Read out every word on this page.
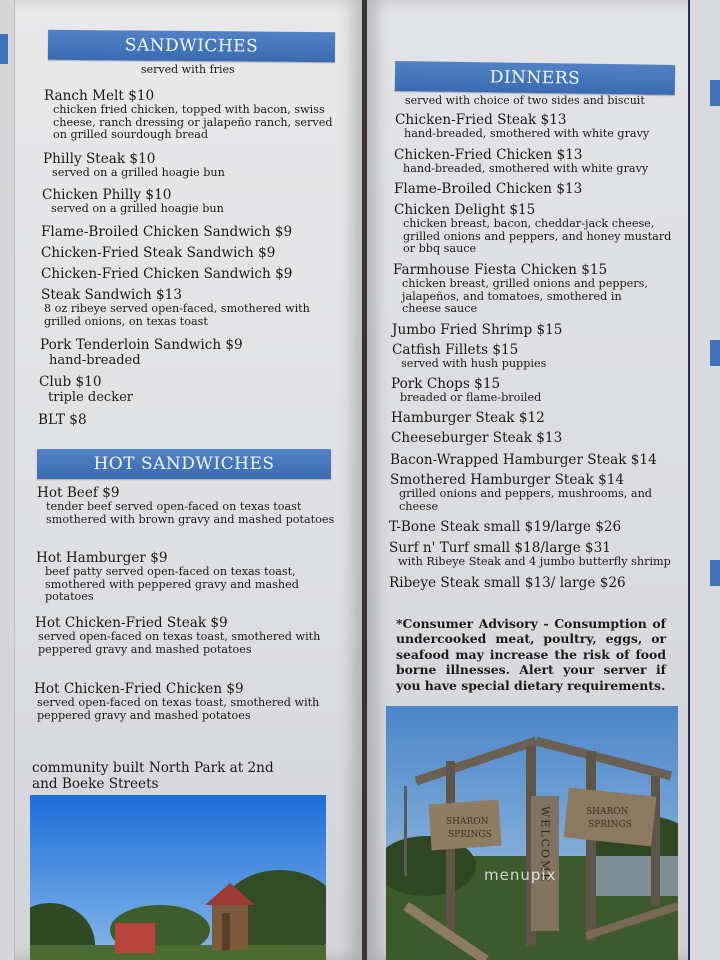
SANDWICHES
served with fries
Ranch Melt $10
chicken fried chicken, topped with bacon, swiss cheese, ranch dressing or jalapeño ranch, served on grilled sourdough bread
Philly Steak $10
served on a grilled hoagie bun
Chicken Philly $10
served on a grilled hoagie bun
Flame-Broiled Chicken Sandwich $9
Chicken-Fried Steak Sandwich $9
Chicken-Fried Chicken Sandwich $9
Steak Sandwich $13
8 oz ribeye served open-faced, smothered with grilled onions, on texas toast
Pork Tenderloin Sandwich $9
hand-breaded
Club $10
triple decker
BLT $8
HOT SANDWICHES
Hot Beef $9
tender beef served open-faced on texas toast smothered with brown gravy and mashed potatoes
Hot Hamburger $9
beef patty served open-faced on texas toast, smothered with peppered gravy and mashed potatoes
Hot Chicken-Fried Steak $9
served open-faced on texas toast, smothered with peppered gravy and mashed potatoes
Hot Chicken-Fried Chicken $9
served open-faced on texas toast, smothered with peppered gravy and mashed potatoes
community built North Park at 2nd and Boeke Streets
DINNERS
served with choice of two sides and biscuit
Chicken-Fried Steak $13
hand-breaded, smothered with white gravy
Chicken-Fried Chicken $13
hand-breaded, smothered with white gravy
Flame-Broiled Chicken $13
Chicken Delight $15
chicken breast, bacon, cheddar-jack cheese, grilled onions and peppers, and honey mustard or bbq sauce
Farmhouse Fiesta Chicken $15
chicken breast, grilled onions and peppers, jalapeños, and tomatoes, smothered in cheese sauce
Jumbo Fried Shrimp $15
Catfish Fillets $15
served with hush puppies
Pork Chops $15
breaded or flame-broiled
Hamburger Steak $12
Cheeseburger Steak $13
Bacon-Wrapped Hamburger Steak $14
Smothered Hamburger Steak $14
grilled onions and peppers, mushrooms, and cheese
T-Bone Steak small $19/large $26
Surf n' Turf small $18/large $31
with Ribeye Steak and 4 jumbo butterfly shrimp
Ribeye Steak small $13/ large $26
*Consumer Advisory - Consumption of undercooked meat, poultry, eggs, or seafood may increase the risk of food borne illnesses. Alert your server if you have special dietary requirements.
SHARON
SPRINGS	WELCOME	SHARON
SPRINGS
menupix
